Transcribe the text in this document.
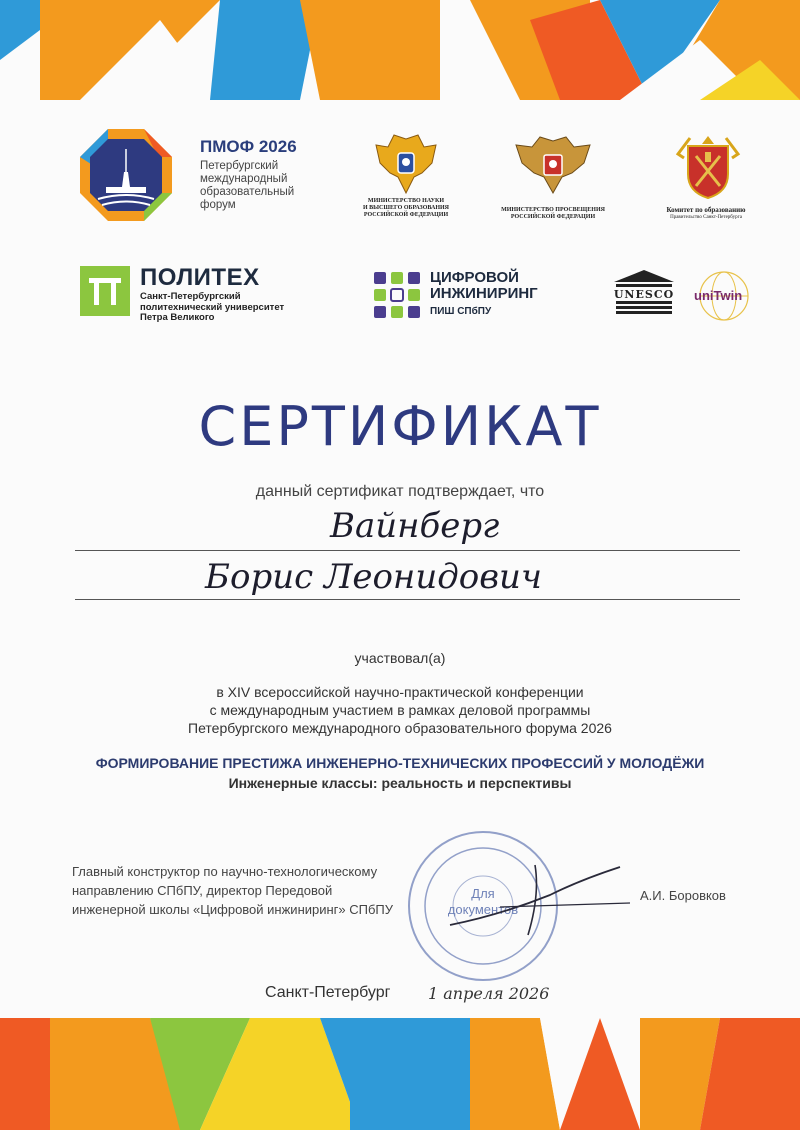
ПМОФ 2026
Петербургский
международный
образовательный
форум	МИНИСТЕРСТВО НАУКИ
И ВЫСШЕГО ОБРАЗОВАНИЯ
РОССИЙСКОЙ ФЕДЕРАЦИИ
МИНИСТЕРСТВО ПРОСВЕЩЕНИЯ
РОССИЙСКОЙ ФЕДЕРАЦИИ
Комитет по образованию
Правительство Санкт-Петербурга
ПОЛИТЕХ
Санкт-Петербургский
политехнический университет
Петра Великого
ЦИФРОВОЙ
ИНЖИНИРИНГ
ПИШ СПбПУ
UNESCO uniTwin
СЕРТИФИКАТ
данный сертификат подтверждает, что
Вайнберг
Борис Леонидович
участвовал(а)
в XIV всероссийской научно-практической конференции
с международным участием в рамках деловой программы
Петербургского международного образовательного форума 2026
ФОРМИРОВАНИЕ ПРЕСТИЖА ИНЖЕНЕРНО-ТЕХНИЧЕСКИХ ПРОФЕССИЙ У МОЛОДЁЖИ
Инженерные классы: реальность и перспективы
Главный конструктор по научно-технологическому
направлению СПбПУ, директор Передовой
инженерной школы «Цифровой инжиниринг» СПбПУ
Для
документов
А.И. Боровков
Санкт-Петербург 1 апреля 2026
